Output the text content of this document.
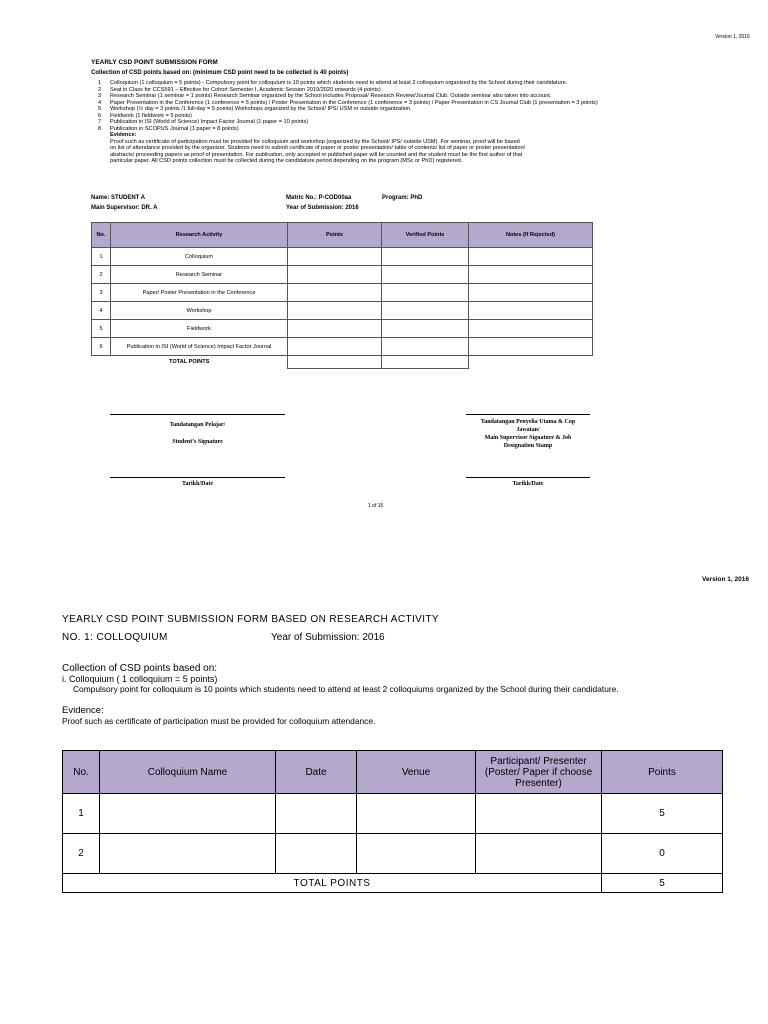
Version 1, 2016
YEARLY CSD POINT SUBMISSION FORM
Collection of CSD points based on: (minimum CSD point need to be collected is 40 points)
1	Colloquium (1 colloquium = 5 points) - Compulsory point for colloquium is 10 points which students need to attend at least 2 colloquium organized by the School during their candidature.
2	Seat in Class for CCS591 – Effective for Cohort Semester I, Academic Session 2019/2020 onwards (4 points)
3	Research Seminar (1 seminar = 1 points) Research Seminar organized by the School includes Proposal/ Research Review/Journal Club. Outside seminar also taken into account.
4	Paper Presentation in the Conference (1 conference = 5 points) / Poster Presentation in the Conference (1 conference = 3 points) / Paper Presentation in CS Journal Club (1 presentation = 3 points)
5	Workshop (½ day = 3 points /1 full-day = 5 points) Workshops organized by the School/ IPS/ USM or outside organization.
6	Fieldwork (1 fieldwork = 5 points)
7	Publication in ISI (World of Science) Impact Factor Journal (1 paper = 10 points)
8	Publication in SCOPUS Journal (1 paper = 8 points)
Evidence:
Proof such as certificate of participation must be provided for colloquium and workshop (organized by the School/ IPS/ outside USM). For seminar, proof will be based
on list of attendance provided by the organizer. Students need to submit certificate of paper or poster presentation/ table of contents/ list of paper or poster presentation/
abstracts/ proceeding papers as proof of presentation. For publication, only accepted or published paper will be counted and the student must be the first author of that
particular paper. All CSD points collection must be collected during the candidature period depending on the program (MSc or PhD) registered.
Name: STUDENT A
Main Supervisor: DR. A
Matric No.: P-COD00aa	Program: PhD
Year of Submission: 2016
No.	Research Activity	Points	Verified Points	Notes (If Rejected)
1	Colloquium			
2	Research Seminar			
3	Paper/ Poster Presentation in the Conference			
4	Workshop			
5	Fieldwork			
6	Publication in ISI (World of Science) Impact Factor Journal			
TOTAL POINTS				
Tandatangan Pelajar/
Student’s Signature
Tandatangan Penyelia Utama & Cop
Jawatan/
Main Supervisor Signature & Job
Designation Stamp
Tarikh/Date	Tarikh/Date
1 of 15
Version 1, 2016
YEARLY CSD POINT SUBMISSION FORM BASED ON RESEARCH ACTIVITY
NO. 1: COLLOQUIUM	Year of Submission: 2016
Collection of CSD points based on:
i. Colloquium ( 1 colloquium = 5 points)
Compulsory point for colloquium is 10 points which students need to attend at least 2 colloquiums organized by the School during their candidature.
Evidence:
Proof such as certificate of participation must be provided for colloquium attendance.
No.	Colloquium Name	Date	Venue	Participant/ Presenter (Poster/ Paper if choose Presenter)	Points
1					5
2					0
TOTAL POINTS					5
